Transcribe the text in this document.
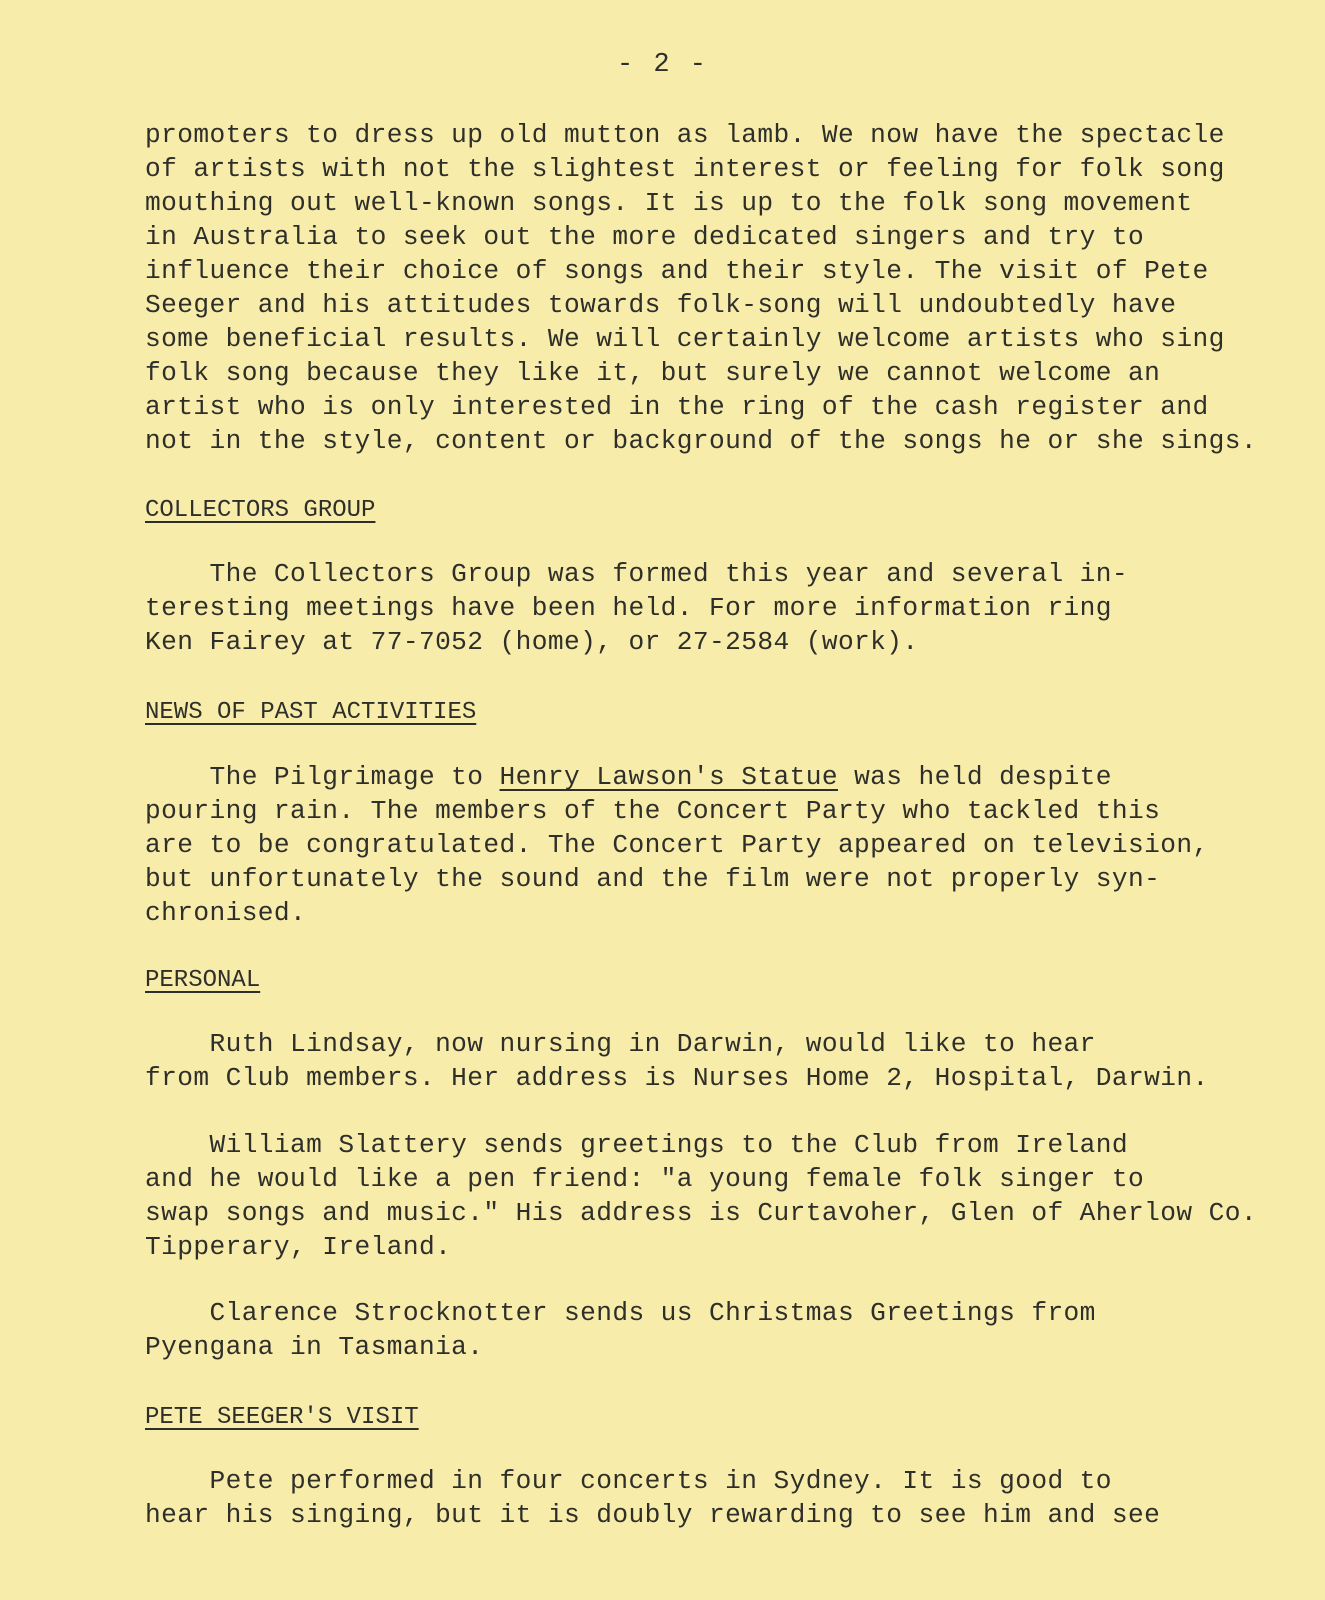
- 2 -
promoters to dress up old mutton as lamb. We now have the spectacle
of artists with not the slightest interest or feeling for folk song
mouthing out well-known songs. It is up to the folk song movement
in Australia to seek out the more dedicated singers and try to
influence their choice of songs and their style. The visit of Pete
Seeger and his attitudes towards folk-song will undoubtedly have
some beneficial results. We will certainly welcome artists who sing
folk song because they like it, but surely we cannot welcome an
artist who is only interested in the ring of the cash register and
not in the style, content or background of the songs he or she sings.
COLLECTORS GROUP
The Collectors Group was formed this year and several in-
teresting meetings have been held. For more information ring
Ken Fairey at 77-7052 (home), or 27-2584 (work).
NEWS OF PAST ACTIVITIES
The Pilgrimage to Henry Lawson's Statue was held despite
pouring rain. The members of the Concert Party who tackled this
are to be congratulated. The Concert Party appeared on television,
but unfortunately the sound and the film were not properly syn-
chronised.
PERSONAL
Ruth Lindsay, now nursing in Darwin, would like to hear
from Club members. Her address is Nurses Home 2, Hospital, Darwin.
William Slattery sends greetings to the Club from Ireland
and he would like a pen friend: "a young female folk singer to
swap songs and music." His address is Curtavoher, Glen of Aherlow Co.
Tipperary, Ireland.
Clarence Strocknotter sends us Christmas Greetings from
Pyengana in Tasmania.
PETE SEEGER'S VISIT
Pete performed in four concerts in Sydney. It is good to
hear his singing, but it is doubly rewarding to see him and see
